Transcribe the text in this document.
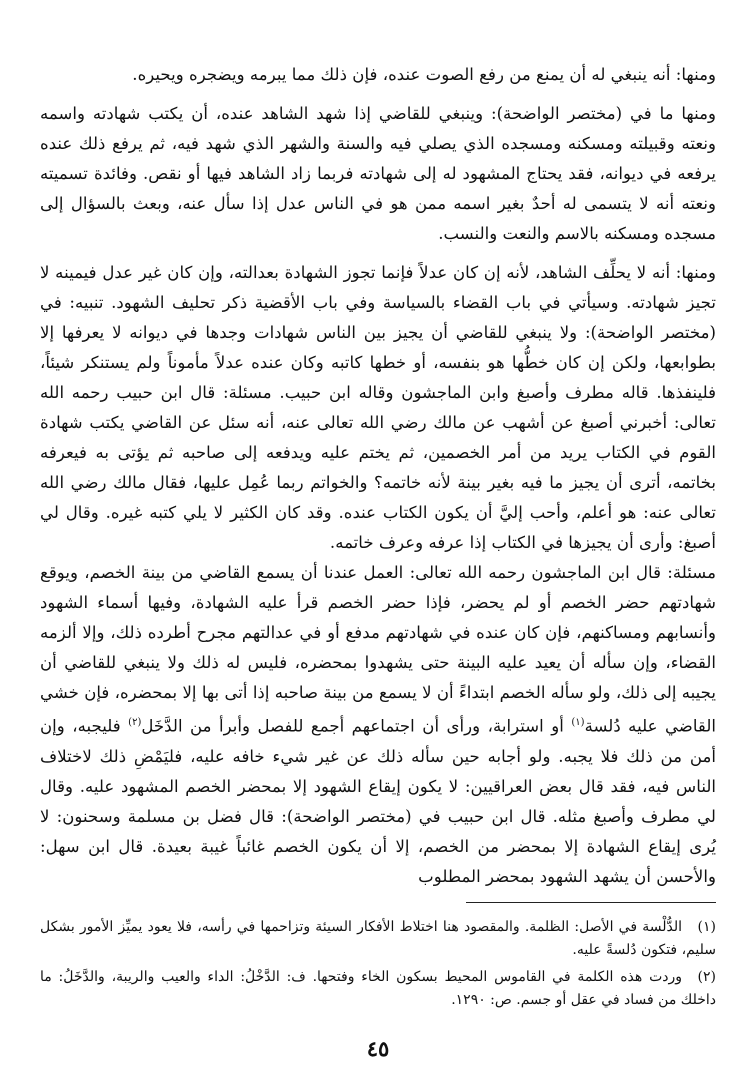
ومنها: أنه ينبغي له أن يمنع من رفع الصوت عنده، فإن ذلك مما يبرمه ويضجره ويحيره.

ومنها ما في (مختصر الواضحة): وينبغي للقاضي إذا شهد الشاهد عنده، أن يكتب شهادته واسمه ونعته وقبيلته ومسكنه ومسجده الذي يصلي فيه والسنة والشهر الذي شهد فيه، ثم يرفع ذلك عنده يرفعه في ديوانه، فقد يحتاج المشهود له إلى شهادته فربما زاد الشاهد فيها أو نقص. وفائدة تسميته ونعته أنه لا يتسمى له أحدٌ بغير اسمه ممن هو في الناس عدل إذا سأل عنه، وبعث بالسؤال إلى مسجده ومسكنه بالاسم والنعت والنسب.

ومنها: أنه لا يحلِّف الشاهد، لأنه إن كان عدلاً فإنما تجوز الشهادة بعدالته، وإن كان غير عدل فيمينه لا تجيز شهادته. وسيأتي في باب القضاء بالسياسة وفي باب الأقضية ذكر تحليف الشهود. تنبيه: في (مختصر الواضحة): ولا ينبغي للقاضي أن يجيز بين الناس شهادات وجدها في ديوانه لا يعرفها إلا بطوابعها، ولكن إن كان خطُّها هو بنفسه، أو خطها كاتبه وكان عنده عدلاً مأموناً ولم يستنكر شيئاً، فلينفذها. قاله مطرف وأصبغ وابن الماجشون وقاله ابن حبيب. مسئلة: قال ابن حبيب رحمه الله تعالى: أخبرني أصبغ عن أشهب عن مالك رضي الله تعالى عنه، أنه سئل عن القاضي يكتب شهادة القوم في الكتاب يريد من أمر الخصمين، ثم يختم عليه ويدفعه إلى صاحبه ثم يؤتى به فيعرفه بخاتمه، أترى أن يجيز ما فيه بغير بينة لأنه خاتمه؟ والخواتم ربما عُمِل عليها، فقال مالك رضي الله تعالى عنه: هو أعلم، وأحب إليَّ أن يكون الكتاب عنده. وقد كان الكثير لا يلي كتبه غيره. وقال لي أصبغ: وأرى أن يجيزها في الكتاب إذا عرفه وعرف خاتمه.

مسئلة: قال ابن الماجشون رحمه الله تعالى: العمل عندنا أن يسمع القاضي من بينة الخصم، ويوقع شهادتهم حضر الخصم أو لم يحضر، فإذا حضر الخصم قرأ عليه الشهادة، وفيها أسماء الشهود وأنسابهم ومساكنهم، فإن كان عنده في شهادتهم مدفع أو في عدالتهم مجرح أطرده ذلك، وإلا ألزمه القضاء، وإن سأله أن يعيد عليه البينة حتى يشهدوا بمحضره، فليس له ذلك ولا ينبغي للقاضي أن يجيبه إلى ذلك، ولو سأله الخصم ابتداءً أن لا يسمع من بينة صاحبه إذا أتى بها إلا بمحضره، فإن خشي القاضي عليه دُلسة$^{(١)}$ أو استرابة، ورأى أن اجتماعهم أجمع للفصل وأبرأ من الدَّخَل$^{(٢)}$ فليجبه، وإن أمن من ذلك فلا يجبه. ولو أجابه حين سأله ذلك عن غير شيء خافه عليه، فليَمْضِ ذلك لاختلاف الناس فيه، فقد قال بعض العراقيين: لا يكون إيقاع الشهود إلا بمحضر الخصم المشهود عليه. وقال لي مطرف وأصبغ مثله. قال ابن حبيب في (مختصر الواضحة): قال فضل بن مسلمة وسحنون: لا يُرى إيقاع الشهادة إلا بمحضر من الخصم، إلا أن يكون الخصم غائباً غيبة بعيدة. قال ابن سهل: والأحسن أن يشهد الشهود بمحضر المطلوب

(١)الدُّلْسة في الأصل: الظلمة. والمقصود هنا اختلاط الأفكار السيئة وتزاحمها في رأسه، فلا يعود يميِّز الأمور بشكل سليم، فتكون دُلسةً عليه.
(٢)وردت هذه الكلمة في القاموس المحيط بسكون الخاء وفتحها. ف: الدَّخْلُ: الداء والعيب والريبة، والدَّخَلُ: ما داخلك من فساد في عقل أو جسم. ص: ١٢٩٠.
٤٥
